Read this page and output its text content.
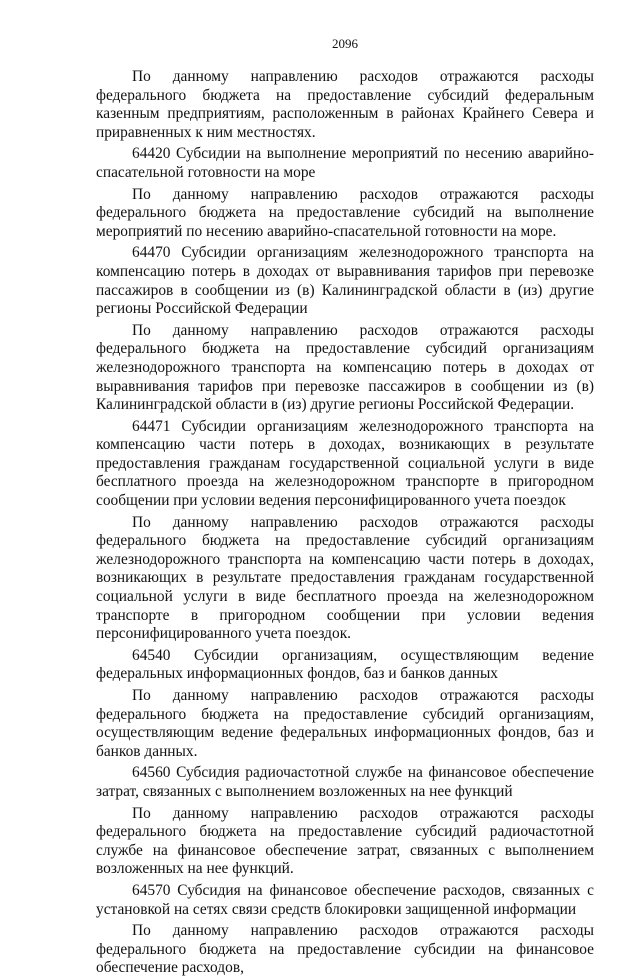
2096

По данному направлению расходов отражаются расходы федерального бюджета на предоставление субсидий федеральным казенным предприятиям, расположенным в районах Крайнего Севера и приравненных к ним местностях.

64420 Субсидии на выполнение мероприятий по несению аварийно-спасательной готовности на море

По данному направлению расходов отражаются расходы федерального бюджета на предоставление субсидий на выполнение мероприятий по несению аварийно-спасательной готовности на море.

64470 Субсидии организациям железнодорожного транспорта на компенсацию потерь в доходах от выравнивания тарифов при перевозке пассажиров в сообщении из (в) Калининградской области в (из) другие регионы Российской Федерации

По данному направлению расходов отражаются расходы федерального бюджета на предоставление субсидий организациям железнодорожного транспорта на компенсацию потерь в доходах от выравнивания тарифов при перевозке пассажиров в сообщении из (в) Калининградской области в (из) другие регионы Российской Федерации.

64471 Субсидии организациям железнодорожного транспорта на компенсацию части потерь в доходах, возникающих в результате предоставления гражданам государственной социальной услуги в виде бесплатного проезда на железнодорожном транспорте в пригородном сообщении при условии ведения персонифицированного учета поездок

По данному направлению расходов отражаются расходы федерального бюджета на предоставление субсидий организациям железнодорожного транспорта на компенсацию части потерь в доходах, возникающих в результате предоставления гражданам государственной социальной услуги в виде бесплатного проезда на железнодорожном транспорте в пригородном сообщении при условии ведения персонифицированного учета поездок.

64540 Субсидии организациям, осуществляющим ведение федеральных информационных фондов, баз и банков данных

По данному направлению расходов отражаются расходы федерального бюджета на предоставление субсидий организациям, осуществляющим ведение федеральных информационных фондов, баз и банков данных.

64560 Субсидия радиочастотной службе на финансовое обеспечение затрат, связанных с выполнением возложенных на нее функций

По данному направлению расходов отражаются расходы федерального бюджета на предоставление субсидий радиочастотной службе на финансовое обеспечение затрат, связанных с выполнением возложенных на нее функций.

64570 Субсидия на финансовое обеспечение расходов, связанных с установкой на сетях связи средств блокировки защищенной информации

По данному направлению расходов отражаются расходы федерального бюджета на предоставление субсидии на финансовое обеспечение расходов,
